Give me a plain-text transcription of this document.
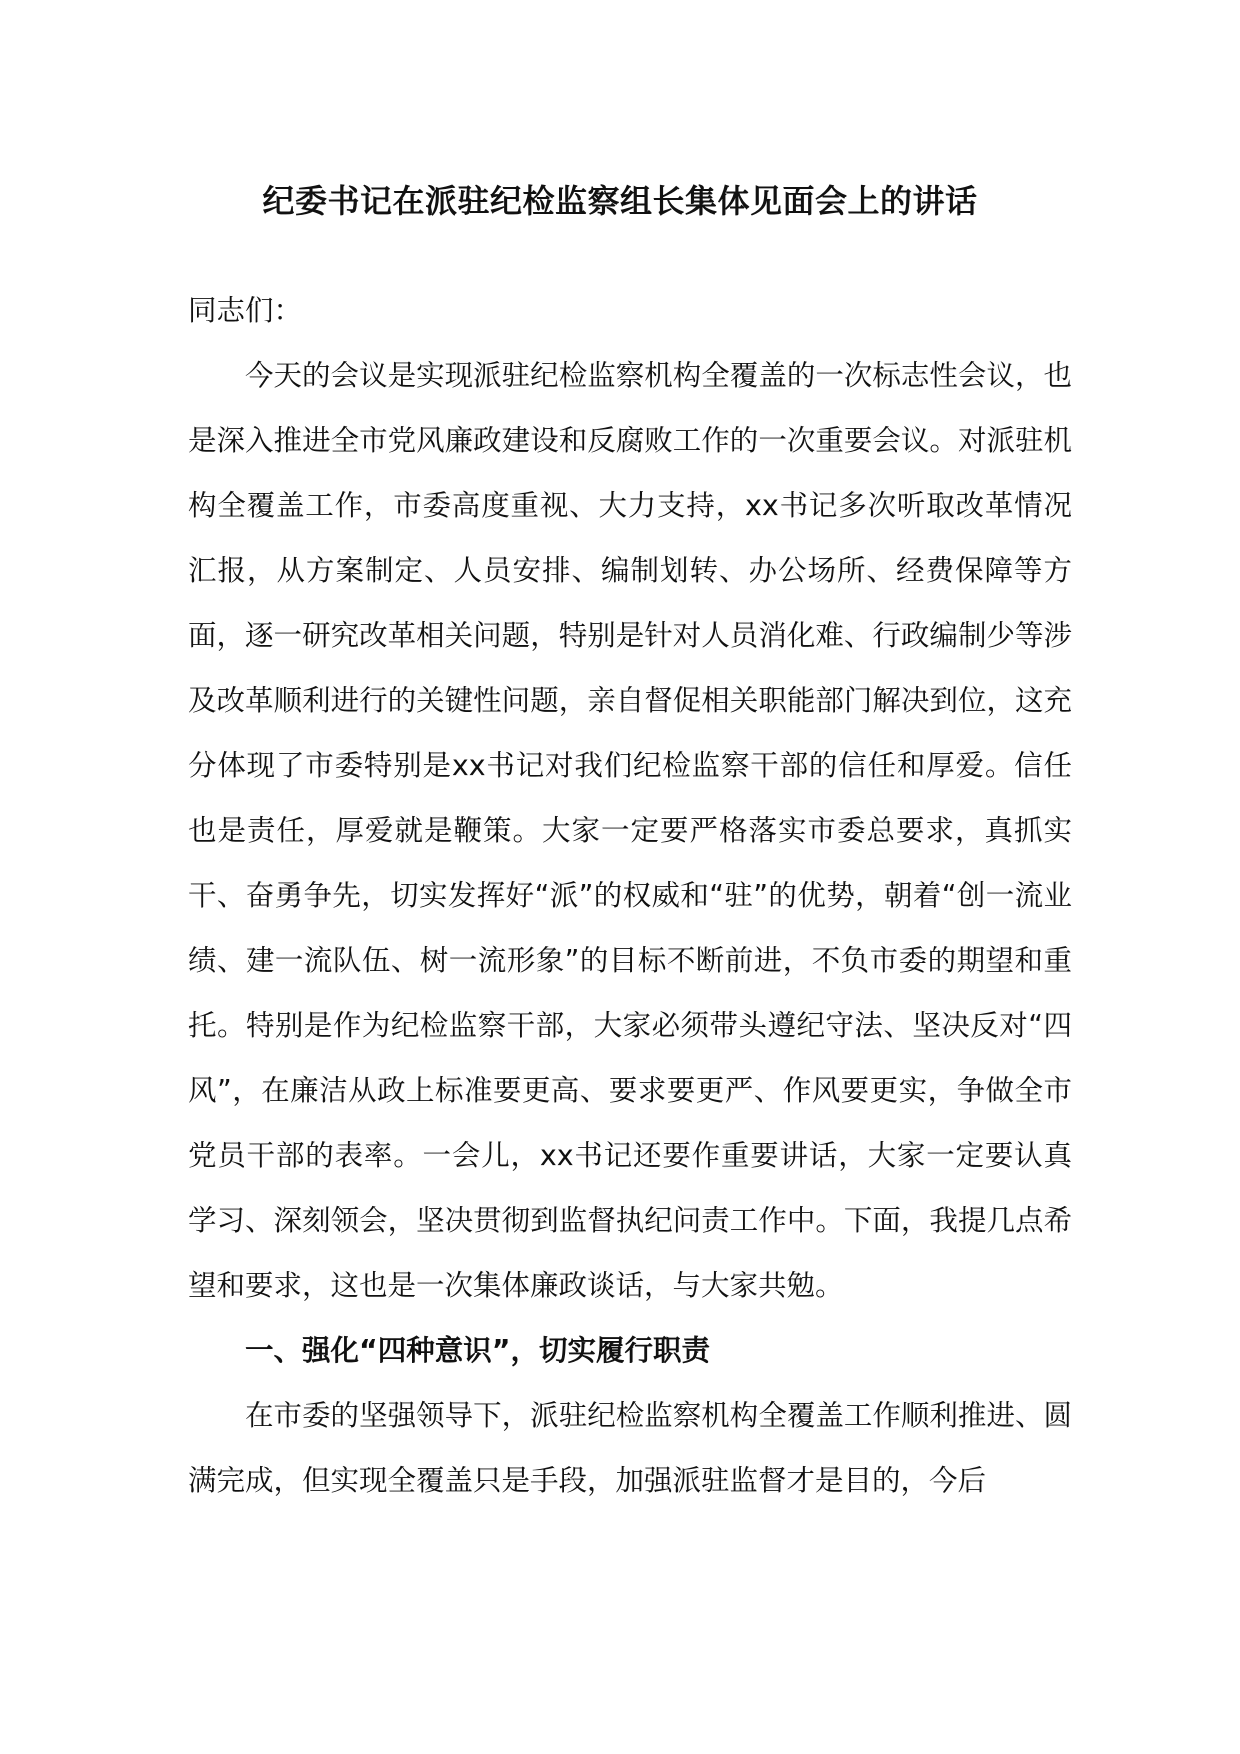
纪委书记在派驻纪检监察组长集体见面会上的讲话

同志们：

今天的会议是实现派驻纪检监察机构全覆盖的一次标志性会议，也是深入推进全市党风廉政建设和反腐败工作的一次重要会议。对派驻机构全覆盖工作，市委高度重视、大力支持，xx书记多次听取改革情况汇报，从方案制定、人员安排、编制划转、办公场所、经费保障等方面，逐一研究改革相关问题，特别是针对人员消化难、行政编制少等涉及改革顺利进行的关键性问题，亲自督促相关职能部门解决到位，这充分体现了市委特别是xx书记对我们纪检监察干部的信任和厚爱。信任也是责任，厚爱就是鞭策。大家一定要严格落实市委总要求，真抓实干、奋勇争先，切实发挥好“派”的权威和“驻”的优势，朝着“创一流业绩、建一流队伍、树一流形象”的目标不断前进，不负市委的期望和重托。特别是作为纪检监察干部，大家必须带头遵纪守法、坚决反对“四风”，在廉洁从政上标准要更高、要求要更严、作风要更实，争做全市党员干部的表率。一会儿，xx书记还要作重要讲话，大家一定要认真学习、深刻领会，坚决贯彻到监督执纪问责工作中。下面，我提几点希望和要求，这也是一次集体廉政谈话，与大家共勉。

一、强化“四种意识”，切实履行职责

在市委的坚强领导下，派驻纪检监察机构全覆盖工作顺利推进、圆满完成，但实现全覆盖只是手段，加强派驻监督才是目的，今后
